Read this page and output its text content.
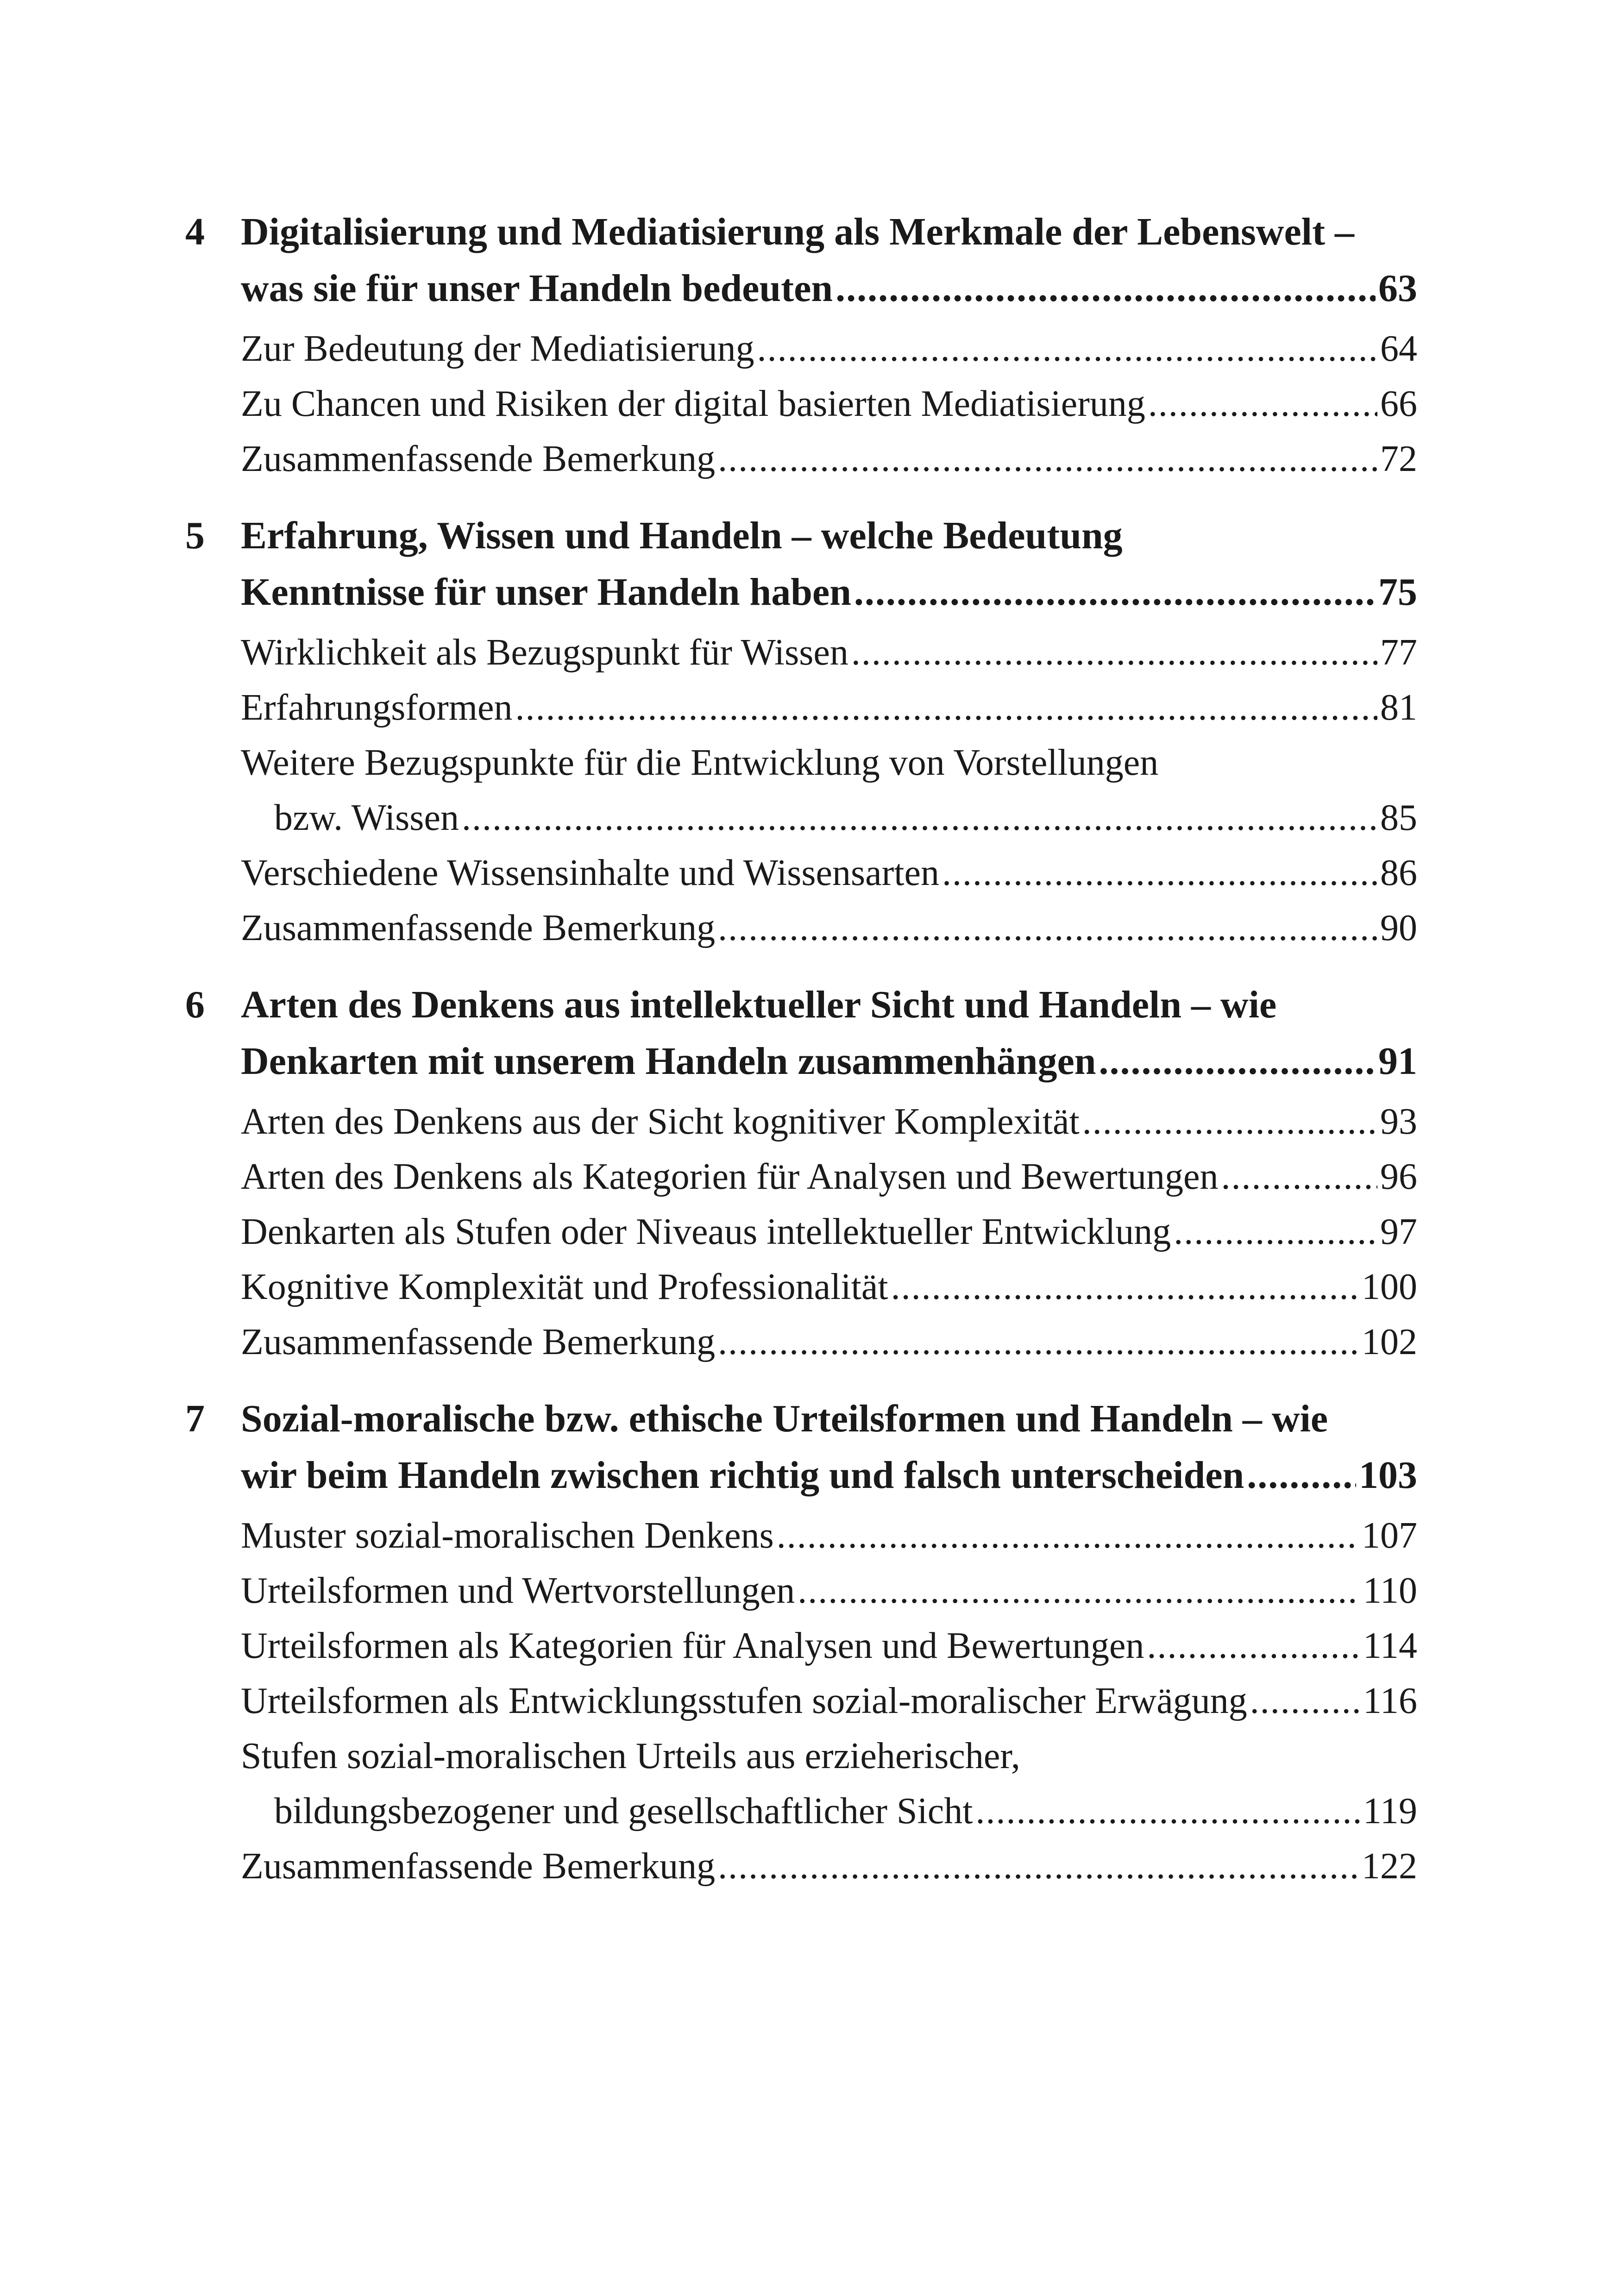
4 Digitalisierung und Mediatisierung als Merkmale der Lebenswelt –
was sie für unser Handeln bedeuten .....	63
Zur Bedeutung der Mediatisierung .....	64
Zu Chancen und Risiken der digital basierten Mediatisierung .....	66
Zusammenfassende Bemerkung .....	72
5 Erfahrung, Wissen und Handeln – welche Bedeutung
Kenntnisse für unser Handeln haben .....	75
Wirklichkeit als Bezugspunkt für Wissen .....	77
Erfahrungsformen .....	81
Weitere Bezugspunkte für die Entwicklung von Vorstellungen
bzw. Wissen .....	85
Verschiedene Wissensinhalte und Wissensarten .....	86
Zusammenfassende Bemerkung .....	90
6 Arten des Denkens aus intellektueller Sicht und Handeln – wie
Denkarten mit unserem Handeln zusammenhängen .....	91
Arten des Denkens aus der Sicht kognitiver Komplexität .....	93
Arten des Denkens als Kategorien für Analysen und Bewertungen .....	96
Denkarten als Stufen oder Niveaus intellektueller Entwicklung .....	97
Kognitive Komplexität und Professionalität .....	100
Zusammenfassende Bemerkung .....	102
7 Sozial-moralische bzw. ethische Urteilsformen und Handeln – wie
wir beim Handeln zwischen richtig und falsch unterscheiden .....	103
Muster sozial-moralischen Denkens .....	107
Urteilsformen und Wertvorstellungen .....	110
Urteilsformen als Kategorien für Analysen und Bewertungen .....	114
Urteilsformen als Entwicklungsstufen sozial-moralischer Erwägung .....	116
Stufen sozial-moralischen Urteils aus erzieherischer,
bildungsbezogener und gesellschaftlicher Sicht .....	119
Zusammenfassende Bemerkung .....	122
